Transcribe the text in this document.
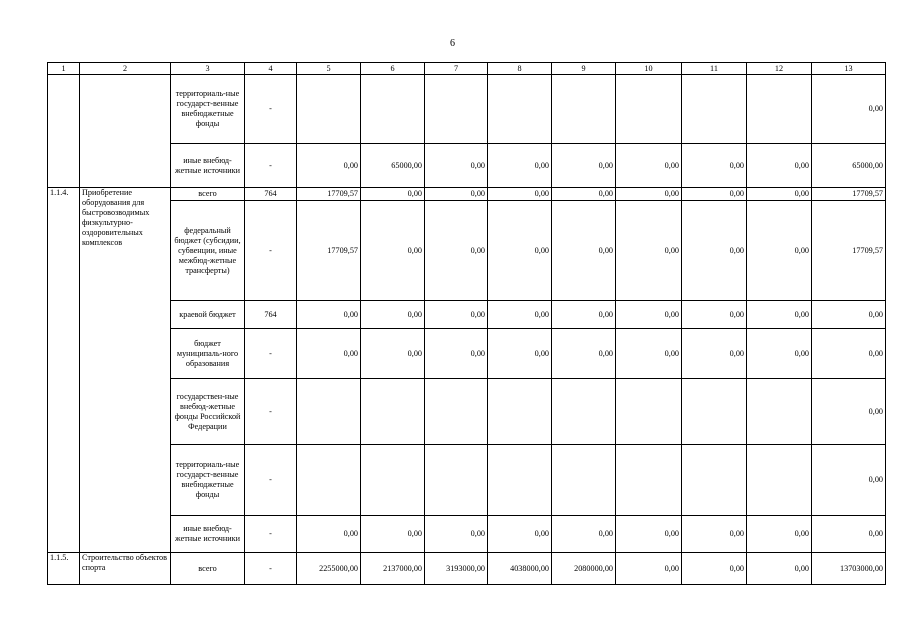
6
1	2	3	4	5	6	7	8	9	10	11	12	13
		территориаль-ные государст-венные внебюджетные фонды	-									0,00
		иные внебюд-жетные источники	-	0,00	65000,00	0,00	0,00	0,00	0,00	0,00	0,00	65000,00
1.1.4.	Приобретение оборудования для быстровозводимых физкультурно-оздоровительных комплексов	всего	764	17709,57	0,00	0,00	0,00	0,00	0,00	0,00	0,00	17709,57
		федеральный бюджет (субсидии, субвенции, иные межбюд-жетные трансферты)	-	17709,57	0,00	0,00	0,00	0,00	0,00	0,00	0,00	17709,57
		краевой бюджет	764	0,00	0,00	0,00	0,00	0,00	0,00	0,00	0,00	0,00
		бюджет муниципаль-ного образования	-	0,00	0,00	0,00	0,00	0,00	0,00	0,00	0,00	0,00
		государствен-ные внебюд-жетные фонды Российской Федерации	-									0,00
		территориаль-ные государст-венные внебюджетные фонды	-									0,00
		иные внебюд-жетные источники	-	0,00	0,00	0,00	0,00	0,00	0,00	0,00	0,00	0,00
1.1.5.	Строительство объектов спорта	всего	-	2255000,00	2137000,00	3193000,00	4038000,00	2080000,00	0,00	0,00	0,00	13703000,00
